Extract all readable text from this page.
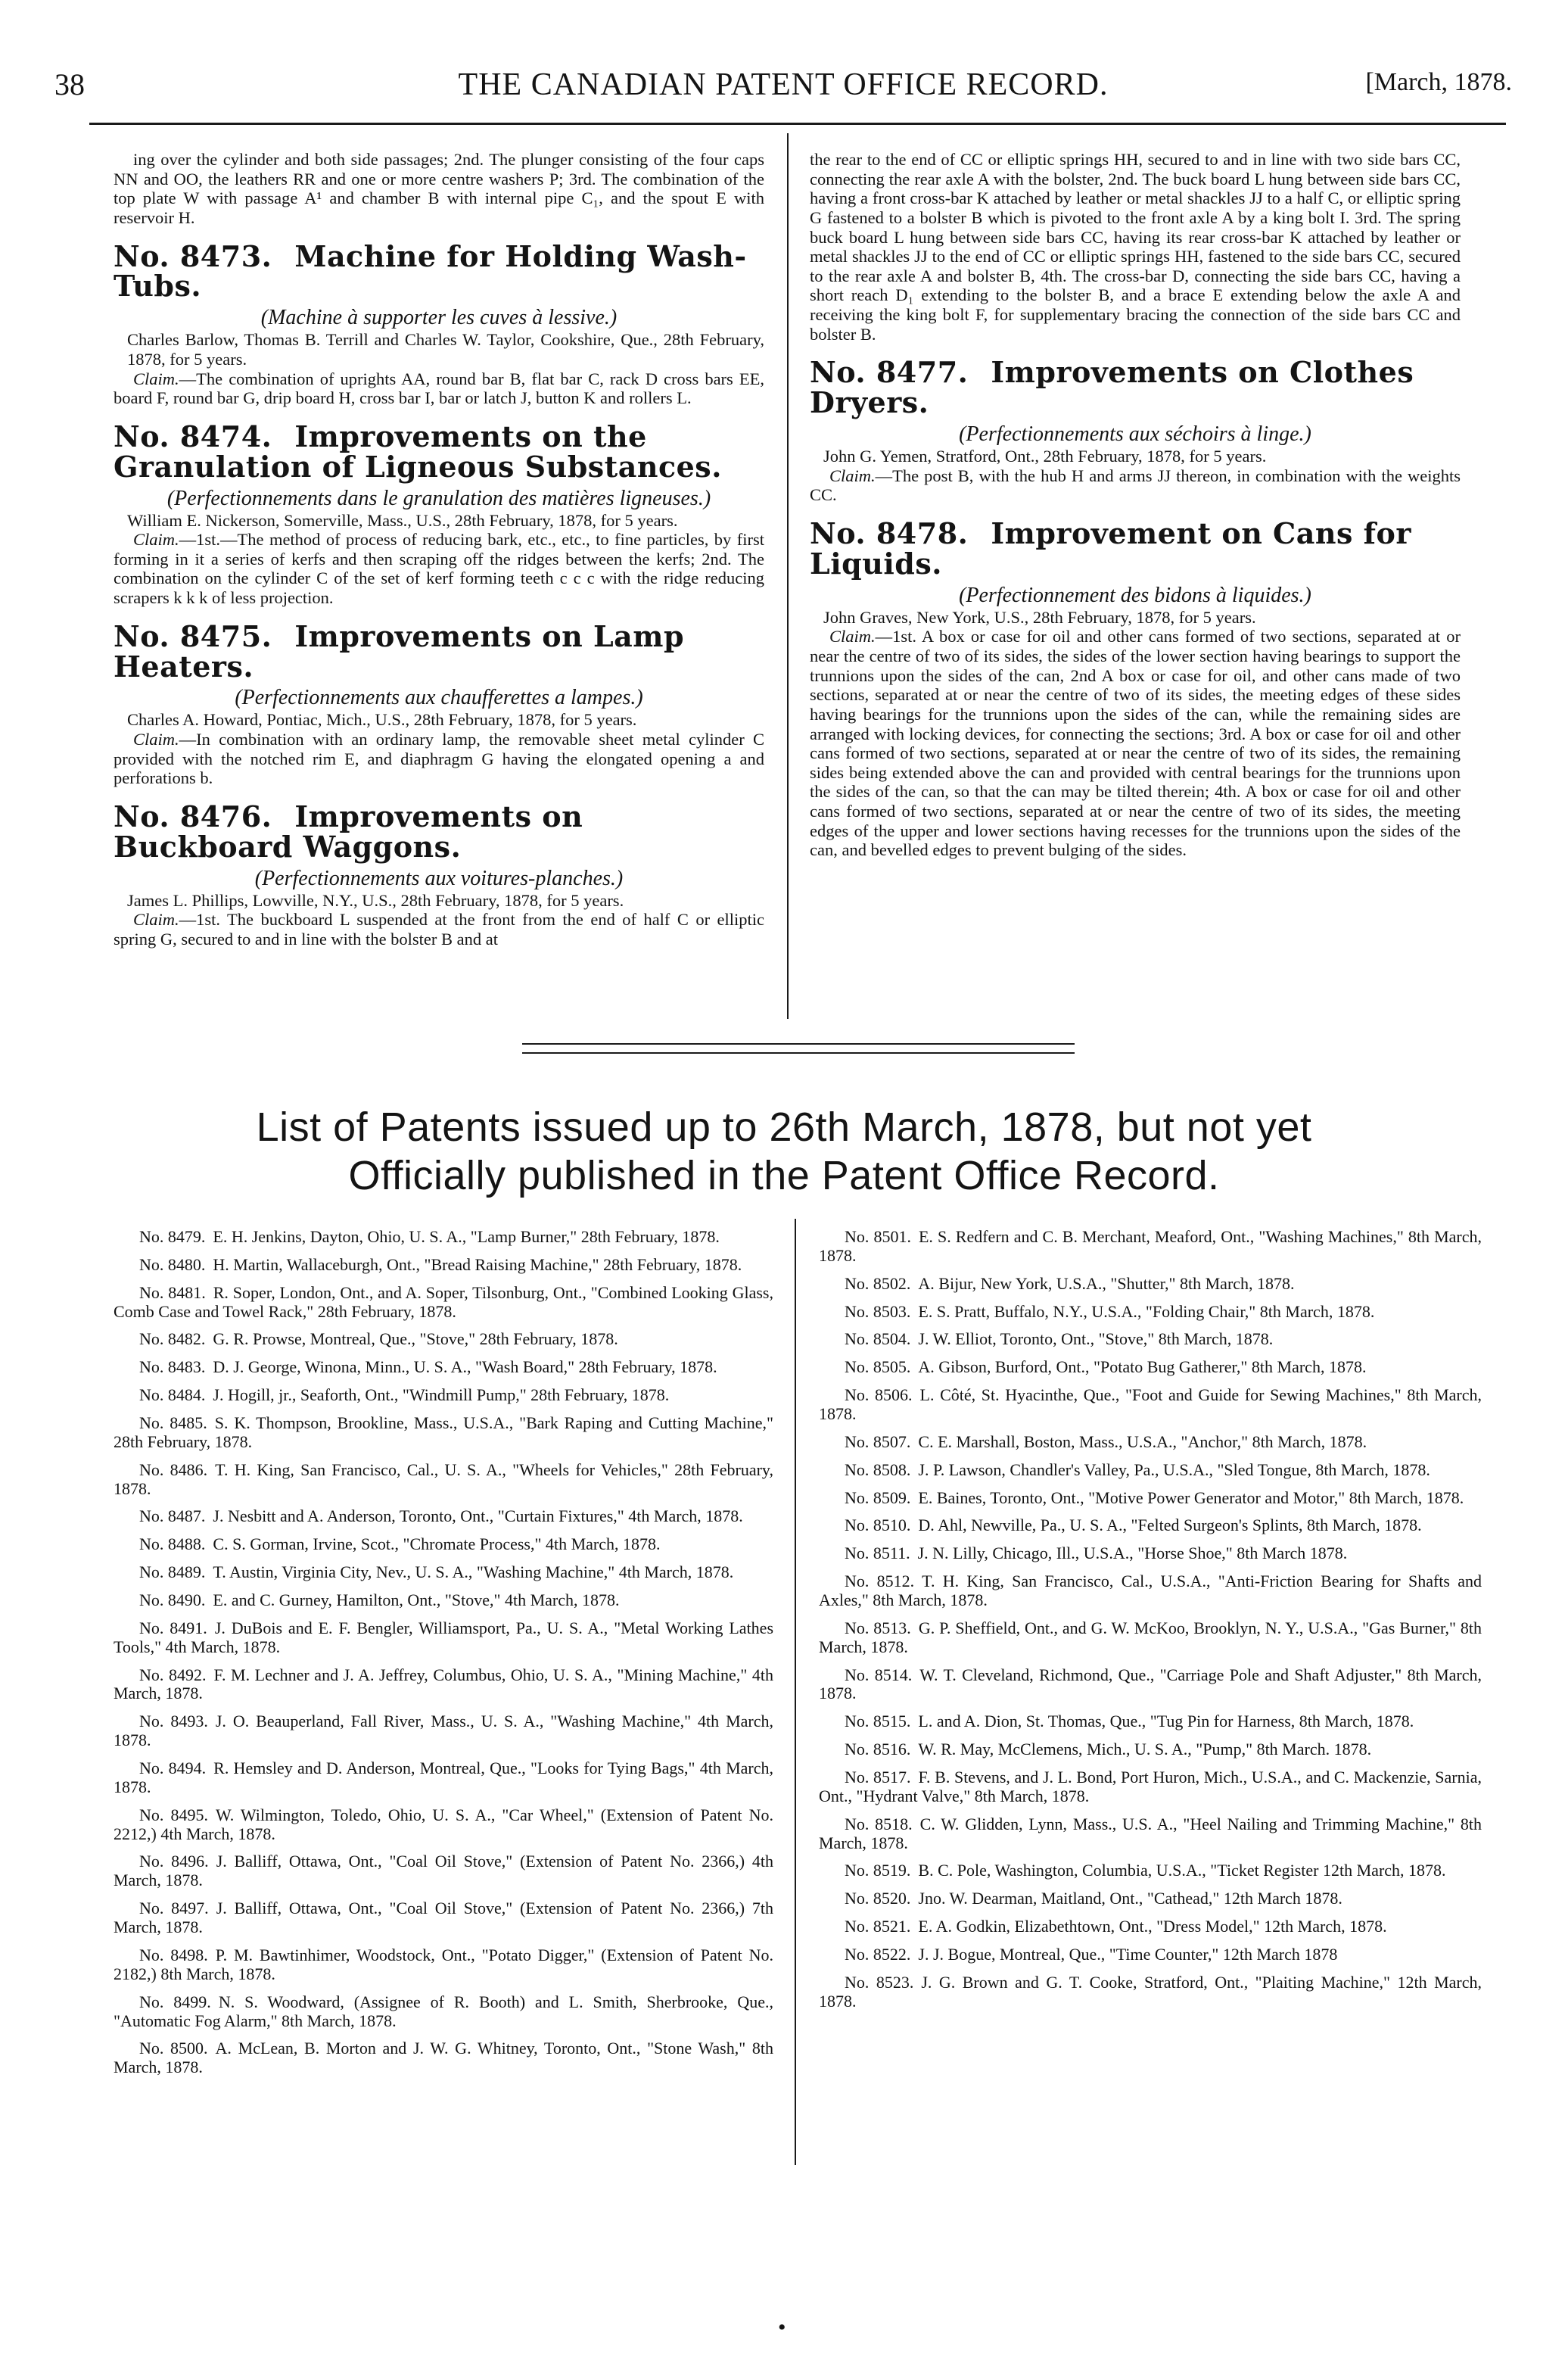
38	THE CANADIAN PATENT OFFICE RECORD.	[March, 1878.

ing over the cylinder and both side passages; 2nd. The plunger consisting of the four caps NN and OO, the leathers RR and one or more centre washers P; 3rd. The combination of the top plate W with passage A¹ and chamber B with internal pipe C₁, and the spout E with reservoir H.

No. 8473. Machine for Holding Wash-Tubs.

(Machine à supporter les cuves à lessive.)

Charles Barlow, Thomas B. Terrill and Charles W. Taylor, Cookshire, Que., 28th February, 1878, for 5 years.

Claim.—The combination of uprights AA, round bar B, flat bar C, rack D cross bars EE, board F, round bar G, drip board H, cross bar I, bar or latch J, button K and rollers L.

No. 8474. Improvements on the Granulation of Ligneous Substances.

(Perfectionnements dans le granulation des matières ligneuses.)

William E. Nickerson, Somerville, Mass., U.S., 28th February, 1878, for 5 years.

Claim.—1st.—The method of process of reducing bark, etc., etc., to fine particles, by first forming in it a series of kerfs and then scraping off the ridges between the kerfs; 2nd. The combination on the cylinder C of the set of kerf forming teeth c c c with the ridge reducing scrapers k k k of less projection.

No. 8475. Improvements on Lamp Heaters.

(Perfectionnements aux chaufferettes a lampes.)

Charles A. Howard, Pontiac, Mich., U.S., 28th February, 1878, for 5 years.

Claim.—In combination with an ordinary lamp, the removable sheet metal cylinder C provided with the notched rim E, and diaphragm G having the elongated opening a and perforations b.

No. 8476. Improvements on Buckboard Waggons.

(Perfectionnements aux voitures-planches.)

James L. Phillips, Lowville, N.Y., U.S., 28th February, 1878, for 5 years.

Claim.—1st. The buckboard L suspended at the front from the end of half C or elliptic spring G, secured to and in line with the bolster B and at

the rear to the end of CC or elliptic springs HH, secured to and in line with two side bars CC, connecting the rear axle A with the bolster, 2nd. The buck board L hung between side bars CC, having a front cross-bar K attached by leather or metal shackles JJ to a half C, or elliptic spring G fastened to a bolster B which is pivoted to the front axle A by a king bolt I. 3rd. The spring buck board L hung between side bars CC, having its rear cross-bar K attached by leather or metal shackles JJ to the end of CC or elliptic springs HH, fastened to the side bars CC, secured to the rear axle A and bolster B, 4th. The cross-bar D, connecting the side bars CC, having a short reach D₁ extending to the bolster B, and a brace E extending below the axle A and receiving the king bolt F, for supplementary bracing the connection of the side bars CC and bolster B.

No. 8477. Improvements on Clothes Dryers.

(Perfectionnements aux séchoirs à linge.)

John G. Yemen, Stratford, Ont., 28th February, 1878, for 5 years.

Claim.—The post B, with the hub H and arms JJ thereon, in combination with the weights CC.

No. 8478. Improvement on Cans for Liquids.

(Perfectionnement des bidons à liquides.)

John Graves, New York, U.S., 28th February, 1878, for 5 years.

Claim.—1st. A box or case for oil and other cans formed of two sections, separated at or near the centre of two of its sides, the sides of the lower section having bearings to support the trunnions upon the sides of the can, 2nd A box or case for oil, and other cans made of two sections, separated at or near the centre of two of its sides, the meeting edges of these sides having bearings for the trunnions upon the sides of the can, while the remaining sides are arranged with locking devices, for connecting the sections; 3rd. A box or case for oil and other cans formed of two sections, separated at or near the centre of two of its sides, the remaining sides being extended above the can and provided with central bearings for the trunnions upon the sides of the can, so that the can may be tilted therein; 4th. A box or case for oil and other cans formed of two sections, separated at or near the centre of two of its sides, the meeting edges of the upper and lower sections having recesses for the trunnions upon the sides of the can, and bevelled edges to prevent bulging of the sides.

List of Patents issued up to 26th March, 1878, but not yet
Officially published in the Patent Office Record.

No. 8479. E. H. Jenkins, Dayton, Ohio, U. S. A., "Lamp Burner," 28th February, 1878.

No. 8480. H. Martin, Wallaceburgh, Ont., "Bread Raising Machine," 28th February, 1878.

No. 8481. R. Soper, London, Ont., and A. Soper, Tilsonburg, Ont., "Combined Looking Glass, Comb Case and Towel Rack," 28th February, 1878.

No. 8482. G. R. Prowse, Montreal, Que., "Stove," 28th February, 1878.

No. 8483. D. J. George, Winona, Minn., U. S. A., "Wash Board," 28th February, 1878.

No. 8484. J. Hogill, jr., Seaforth, Ont., "Windmill Pump," 28th February, 1878.

No. 8485. S. K. Thompson, Brookline, Mass., U.S.A., "Bark Raping and Cutting Machine," 28th February, 1878.

No. 8486. T. H. King, San Francisco, Cal., U. S. A., "Wheels for Vehicles," 28th February, 1878.

No. 8487. J. Nesbitt and A. Anderson, Toronto, Ont., "Curtain Fixtures," 4th March, 1878.

No. 8488. C. S. Gorman, Irvine, Scot., "Chromate Process," 4th March, 1878.

No. 8489. T. Austin, Virginia City, Nev., U. S. A., "Washing Machine," 4th March, 1878.

No. 8490. E. and C. Gurney, Hamilton, Ont., "Stove," 4th March, 1878.

No. 8491. J. DuBois and E. F. Bengler, Williamsport, Pa., U. S. A., "Metal Working Lathes Tools," 4th March, 1878.

No. 8492. F. M. Lechner and J. A. Jeffrey, Columbus, Ohio, U. S. A., "Mining Machine," 4th March, 1878.

No. 8493. J. O. Beauperland, Fall River, Mass., U. S. A., "Washing Machine," 4th March, 1878.

No. 8494. R. Hemsley and D. Anderson, Montreal, Que., "Looks for Tying Bags," 4th March, 1878.

No. 8495. W. Wilmington, Toledo, Ohio, U. S. A., "Car Wheel," (Extension of Patent No. 2212,) 4th March, 1878.

No. 8496. J. Balliff, Ottawa, Ont., "Coal Oil Stove," (Extension of Patent No. 2366,) 4th March, 1878.

No. 8497. J. Balliff, Ottawa, Ont., "Coal Oil Stove," (Extension of Patent No. 2366,) 7th March, 1878.

No. 8498. P. M. Bawtinhimer, Woodstock, Ont., "Potato Digger," (Extension of Patent No. 2182,) 8th March, 1878.

No. 8499. N. S. Woodward, (Assignee of R. Booth) and L. Smith, Sherbrooke, Que., "Automatic Fog Alarm," 8th March, 1878.

No. 8500. A. McLean, B. Morton and J. W. G. Whitney, Toronto, Ont., "Stone Wash," 8th March, 1878.

No. 8501. E. S. Redfern and C. B. Merchant, Meaford, Ont., "Washing Machines," 8th March, 1878.

No. 8502. A. Bijur, New York, U.S.A., "Shutter," 8th March, 1878.

No. 8503. E. S. Pratt, Buffalo, N.Y., U.S.A., "Folding Chair," 8th March, 1878.

No. 8504. J. W. Elliot, Toronto, Ont., "Stove," 8th March, 1878.

No. 8505. A. Gibson, Burford, Ont., "Potato Bug Gatherer," 8th March, 1878.

No. 8506. L. Côté, St. Hyacinthe, Que., "Foot and Guide for Sewing Machines," 8th March, 1878.

No. 8507. C. E. Marshall, Boston, Mass., U.S.A., "Anchor," 8th March, 1878.

No. 8508. J. P. Lawson, Chandler's Valley, Pa., U.S.A., "Sled Tongue, 8th March, 1878.

No. 8509. E. Baines, Toronto, Ont., "Motive Power Generator and Motor," 8th March, 1878.

No. 8510. D. Ahl, Newville, Pa., U. S. A., "Felted Surgeon's Splints, 8th March, 1878.

No. 8511. J. N. Lilly, Chicago, Ill., U.S.A., "Horse Shoe," 8th March 1878.

No. 8512. T. H. King, San Francisco, Cal., U.S.A., "Anti-Friction Bearing for Shafts and Axles," 8th March, 1878.

No. 8513. G. P. Sheffield, Ont., and G. W. McKoo, Brooklyn, N. Y., U.S.A., "Gas Burner," 8th March, 1878.

No. 8514. W. T. Cleveland, Richmond, Que., "Carriage Pole and Shaft Adjuster," 8th March, 1878.

No. 8515. L. and A. Dion, St. Thomas, Que., "Tug Pin for Harness, 8th March, 1878.

No. 8516. W. R. May, McClemens, Mich., U. S. A., "Pump," 8th March. 1878.

No. 8517. F. B. Stevens, and J. L. Bond, Port Huron, Mich., U.S.A., and C. Mackenzie, Sarnia, Ont., "Hydrant Valve," 8th March, 1878.

No. 8518. C. W. Glidden, Lynn, Mass., U.S. A., "Heel Nailing and Trimming Machine," 8th March, 1878.

No. 8519. B. C. Pole, Washington, Columbia, U.S.A., "Ticket Register 12th March, 1878.

No. 8520. Jno. W. Dearman, Maitland, Ont., "Cathead," 12th March 1878.

No. 8521. E. A. Godkin, Elizabethtown, Ont., "Dress Model," 12th March, 1878.

No. 8522. J. J. Bogue, Montreal, Que., "Time Counter," 12th March 1878

No. 8523. J. G. Brown and G. T. Cooke, Stratford, Ont., "Plaiting Machine," 12th March, 1878.

•
